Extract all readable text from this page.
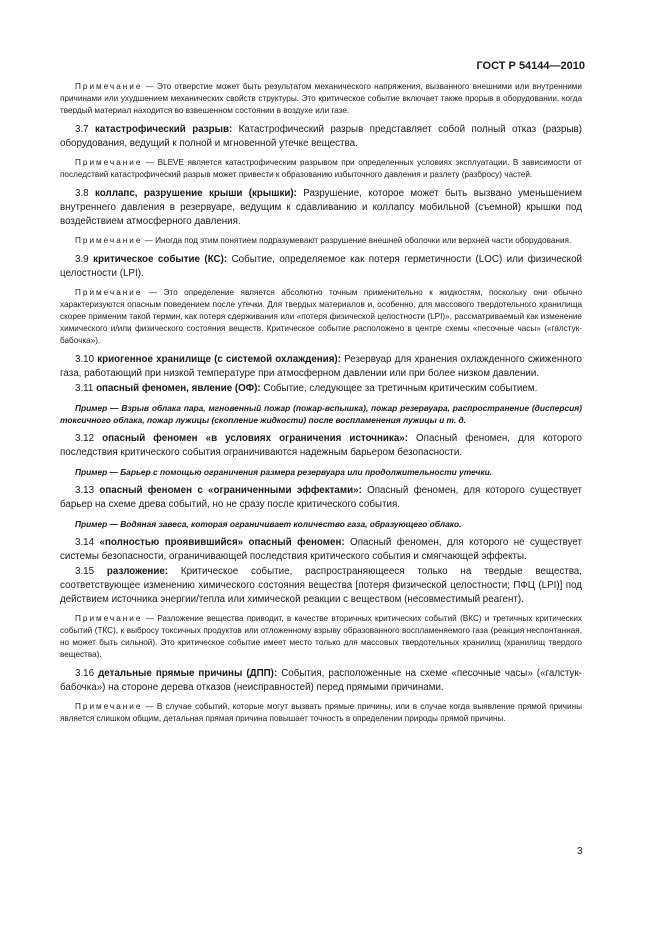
ГОСТ Р 54144—2010

Примечание — Это отверстие может быть результатом механического напряжения, вызванного внешними или внутренними причинами или ухудшением механических свойств структуры. Это критическое событие включает также прорыв в оборудовании, когда твердый материал находится во взвешенном состоянии в воздухе или газе.

3.7 катастрофический разрыв: Катастрофический разрыв представляет собой полный отказ (разрыв) оборудования, ведущий к полной и мгновенной утечке вещества.

Примечание — BLEVE является катастрофическим разрывом при определенных условиях эксплуатации. В зависимости от последствий катастрофический разрыв может привести к образованию избыточного давления и разлету (разбросу) частей.

3.8 коллапс, разрушение крыши (крышки): Разрушение, которое может быть вызвано уменьшением внутреннего давления в резервуаре, ведущим к сдавливанию и коллапсу мобильной (съемной) крышки под воздействием атмосферного давления.

Примечание — Иногда под этим понятием подразумевают разрушение внешней оболочки или верхней части оборудования.

3.9 критическое событие (КС): Событие, определяемое как потеря герметичности (LOC) или физической целостности (LPI).

Примечание — Это определение является абсолютно точным применительно к жидкостям, поскольку они обычно характеризуются опасным поведением после утечки. Для твердых материалов и, особенно, для массового твердотельного хранилища скорее применим такой термин, как потеря сдерживания или «потеря физической целостности (LPI)», рассматриваемый как изменение химического и/или физического состояния веществ. Критическое событие расположено в центре схемы «песочные часы» («галстук-бабочка»).

3.10 криогенное хранилище (с системой охлаждения): Резервуар для хранения охлажденного сжиженного газа, работающий при низкой температуре при атмосферном давлении или при более низком давлении.

3.11 опасный феномен, явление (ОФ): Событие, следующее за третичным критическим событием.

Пример — Взрыв облака пара, мгновенный пожар (пожар-вспышка), пожар резервуара, распространение (дисперсия) токсичного облака, пожар лужицы (скопление жидкости) после воспламенения лужицы и т. д.

3.12 опасный феномен «в условиях ограничения источника»: Опасный феномен, для которого последствия критического события ограничиваются надежным барьером безопасности.

Пример — Барьер с помощью ограничения размера резервуара или продолжительности утечки.

3.13 опасный феномен с «ограниченными эффектами»: Опасный феномен, для которого существует барьер на схеме древа событий, но не сразу после критического события.

Пример — Водяная завеса, которая ограничивает количество газа, образующего облако.

3.14 «полностью проявившийся» опасный феномен: Опасный феномен, для которого не существует системы безопасности, ограничивающей последствия критического события и смягчающей эффекты.

3.15 разложение: Критическое событие, распространяющееся только на твердые вещества, соответствующее изменению химического состояния вещества [потеря физической целостности; ПФЦ (LPI)] под действием источника энергии/тепла или химической реакции с веществом (несовместимый реагент).

Примечание — Разложение вещества приводит, в качестве вторичных критических событий (ВКС) и третичных критических событий (ТКС), к выбросу токсичных продуктов или отложенному взрыву образованного воспламеняемого газа (реакция неспонтанная, но может быть сильной). Это критическое событие имеет место только для массовых твердотельных хранилищ (хранилищ твердого вещества).

3.16 детальные прямые причины (ДПП): События, расположенные на схеме «песочные часы» («галстук-бабочка») на стороне дерева отказов (неисправностей) перед прямыми причинами.

Примечание — В случае событий, которые могут вызвать прямые причины, или в случае когда выявление прямой причины является слишком общим, детальная прямая причина повышает точность в определении природы прямой причины.

3
